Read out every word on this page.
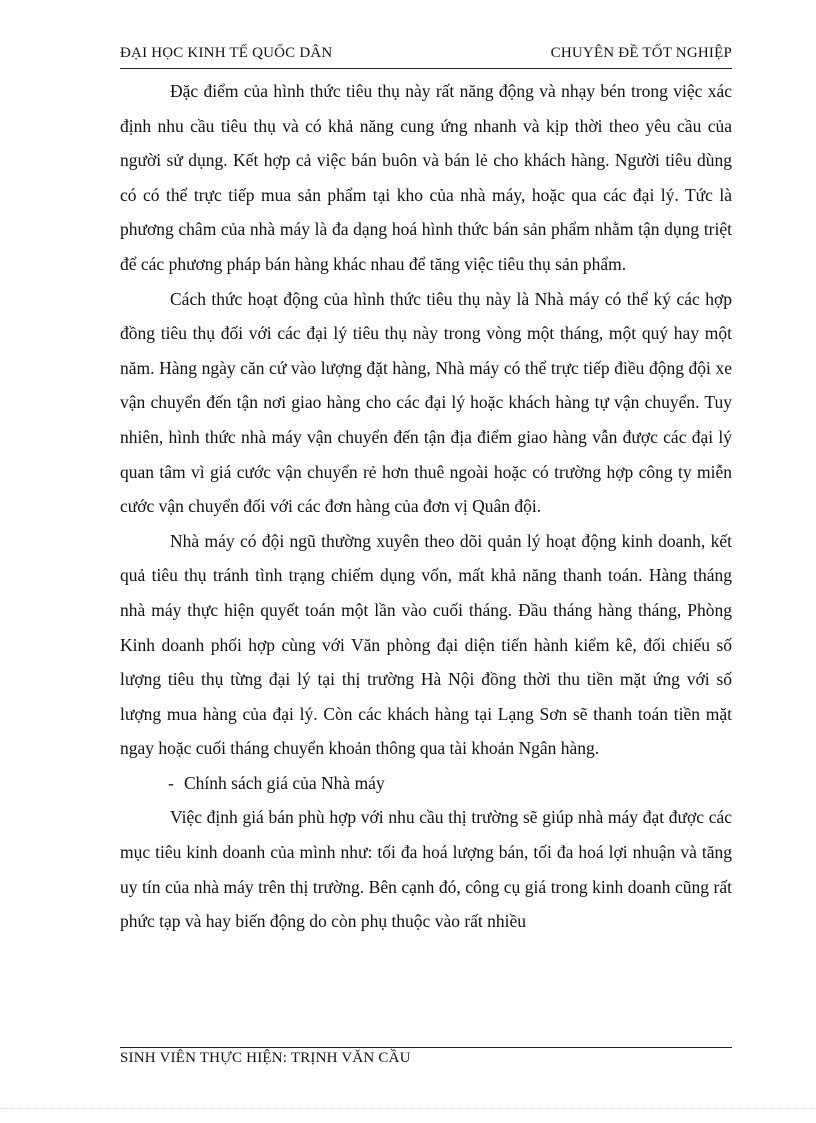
ĐẠI HỌC KINH TẾ QUỐC DÂN	CHUYÊN ĐỀ TỐT NGHIỆP

Đặc điểm của hình thức tiêu thụ này rất năng động và nhạy bén trong việc xác định nhu cầu tiêu thụ và có khả năng cung ứng nhanh và kịp thời theo yêu cầu của người sử dụng. Kết hợp cả việc bán buôn và bán lẻ cho khách hàng. Người tiêu dùng có có thể trực tiếp mua sản phẩm tại kho của nhà máy, hoặc qua các đại lý. Tức là phương châm của nhà máy là đa dạng hoá hình thức bán sản phẩm nhằm tận dụng triệt để các phương pháp bán hàng khác nhau để tăng việc tiêu thụ sản phẩm.

Cách thức hoạt động của hình thức tiêu thụ này là Nhà máy có thể ký các hợp đồng tiêu thụ đối với các đại lý tiêu thụ này trong vòng một tháng, một quý hay một năm. Hàng ngày căn cứ vào lượng đặt hàng, Nhà máy có thể trực tiếp điều động đội xe vận chuyển đến tận nơi giao hàng cho các đại lý hoặc khách hàng tự vận chuyển. Tuy nhiên, hình thức nhà máy vận chuyển đến tận địa điểm giao hàng vẫn được các đại lý quan tâm vì giá cước vận chuyển rẻ hơn thuê ngoài hoặc có trường hợp công ty miễn cước vận chuyển đối với các đơn hàng của đơn vị Quân đội.

Nhà máy có đội ngũ thường xuyên theo dõi quản lý hoạt động kinh doanh, kết quả tiêu thụ tránh tình trạng chiếm dụng vốn, mất khả năng thanh toán. Hàng tháng nhà máy thực hiện quyết toán một lần vào cuối tháng. Đầu tháng hàng tháng, Phòng Kinh doanh phối hợp cùng với Văn phòng đại diện tiến hành kiểm kê, đối chiếu số lượng tiêu thụ từng đại lý tại thị trường Hà Nội đồng thời thu tiền mặt ứng với số lượng mua hàng của đại lý. Còn các khách hàng tại Lạng Sơn sẽ thanh toán tiền mặt ngay hoặc cuối tháng chuyển khoản thông qua tài khoản Ngân hàng.

- Chính sách giá của Nhà máy

Việc định giá bán phù hợp với nhu cầu thị trường sẽ giúp nhà máy đạt được các mục tiêu kinh doanh của mình như: tối đa hoá lượng bán, tối đa hoá lợi nhuận và tăng uy tín của nhà máy trên thị trường. Bên cạnh đó, công cụ giá trong kinh doanh cũng rất phức tạp và hay biến động do còn phụ thuộc vào rất nhiều

SINH VIÊN THỰC HIỆN: TRỊNH VĂN CẦU
